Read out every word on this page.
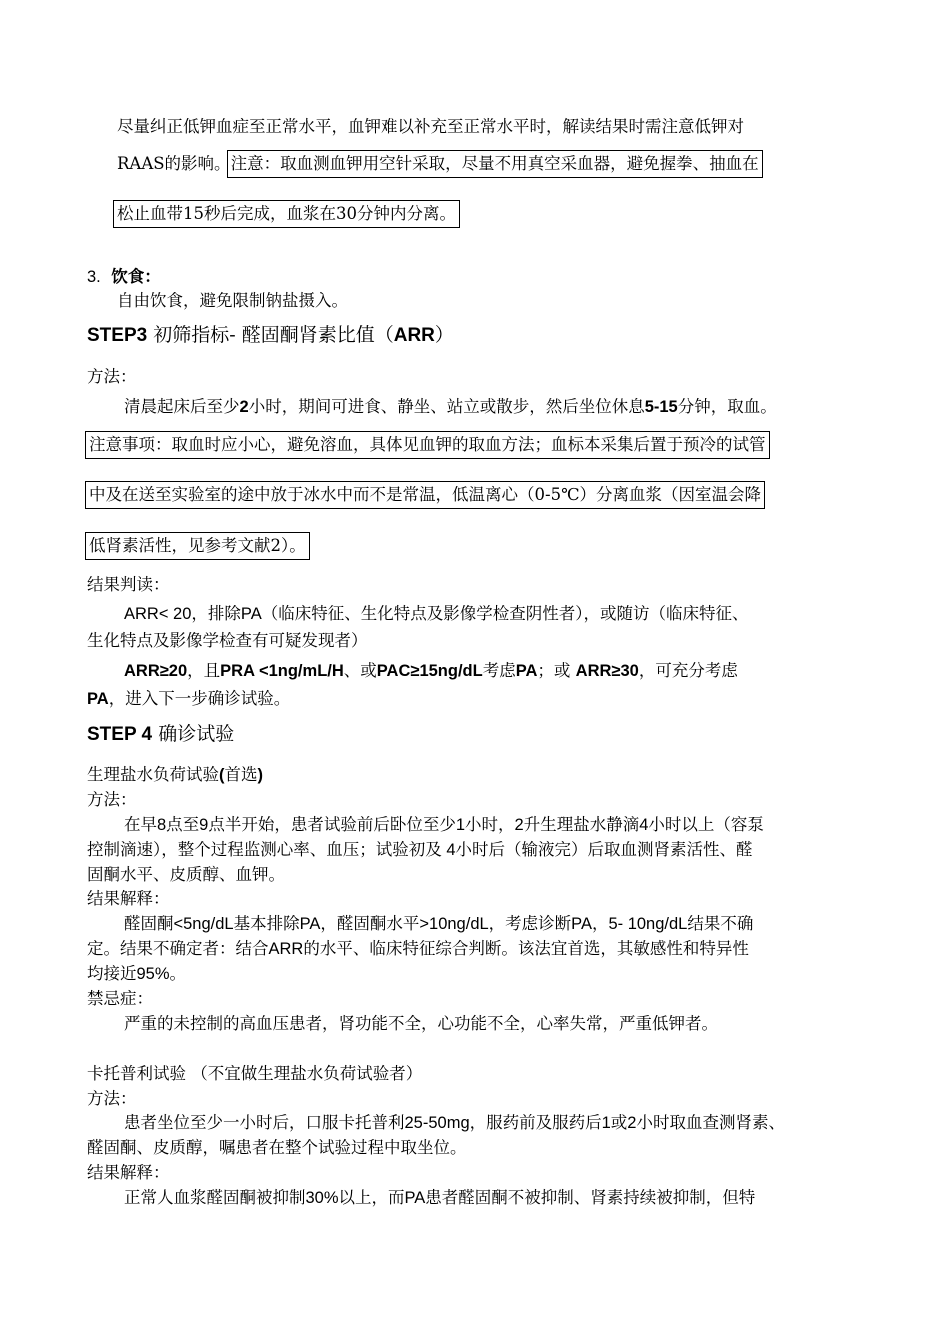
尽量纠正低钾血症至正常水平，血钾难以补充至正常水平时，解读结果时需注意低钾对
RAAS的影响。注意：取血测血钾用空针采取，尽量不用真空采血器，避免握拳、抽血在
松止血带15秒后完成，血浆在30分钟内分离。
3. 饮食：
自由饮食，避免限制钠盐摄入。
STEP3 初筛指标- 醛固酮肾素比值（ARR）
方法：
清晨起床后至少2小时，期间可进食、静坐、站立或散步，然后坐位休息5-15分钟，取血。
注意事项：取血时应小心，避免溶血，具体见血钾的取血方法；血标本采集后置于预冷的试管
中及在送至实验室的途中放于冰水中而不是常温，低温离心（0-5℃）分离血浆（因室温会降
低肾素活性，见参考文献2）。
结果判读：
ARR< 20，排除PA（临床特征、生化特点及影像学检查阴性者），或随访（临床特征、
生化特点及影像学检查有可疑发现者）
ARR≥20，且PRA <1ng/mL/H、或PAC≥15ng/dL考虑PA；或 ARR≥30，可充分考虑
PA，进入下一步确诊试验。
STEP 4 确诊试验
生理盐水负荷试验(首选)
方法：
在早8点至9点半开始，患者试验前后卧位至少1小时，2升生理盐水静滴4小时以上（容泵
控制滴速），整个过程监测心率、血压；试验初及 4小时后（输液完）后取血测肾素活性、醛
固酮水平、皮质醇、血钾。
结果解释：
醛固酮<5ng/dL基本排除PA，醛固酮水平>10ng/dL，考虑诊断PA，5- 10ng/dL结果不确
定。结果不确定者：结合ARR的水平、临床特征综合判断。该法宜首选，其敏感性和特异性
均接近95%。
禁忌症：
严重的未控制的高血压患者，肾功能不全，心功能不全，心率失常，严重低钾者。
卡托普利试验 （不宜做生理盐水负荷试验者）
方法：
患者坐位至少一小时后，口服卡托普利25-50mg，服药前及服药后1或2小时取血查测肾素、
醛固酮、皮质醇，嘱患者在整个试验过程中取坐位。
结果解释：
正常人血浆醛固酮被抑制30%以上，而PA患者醛固酮不被抑制、肾素持续被抑制，但特
